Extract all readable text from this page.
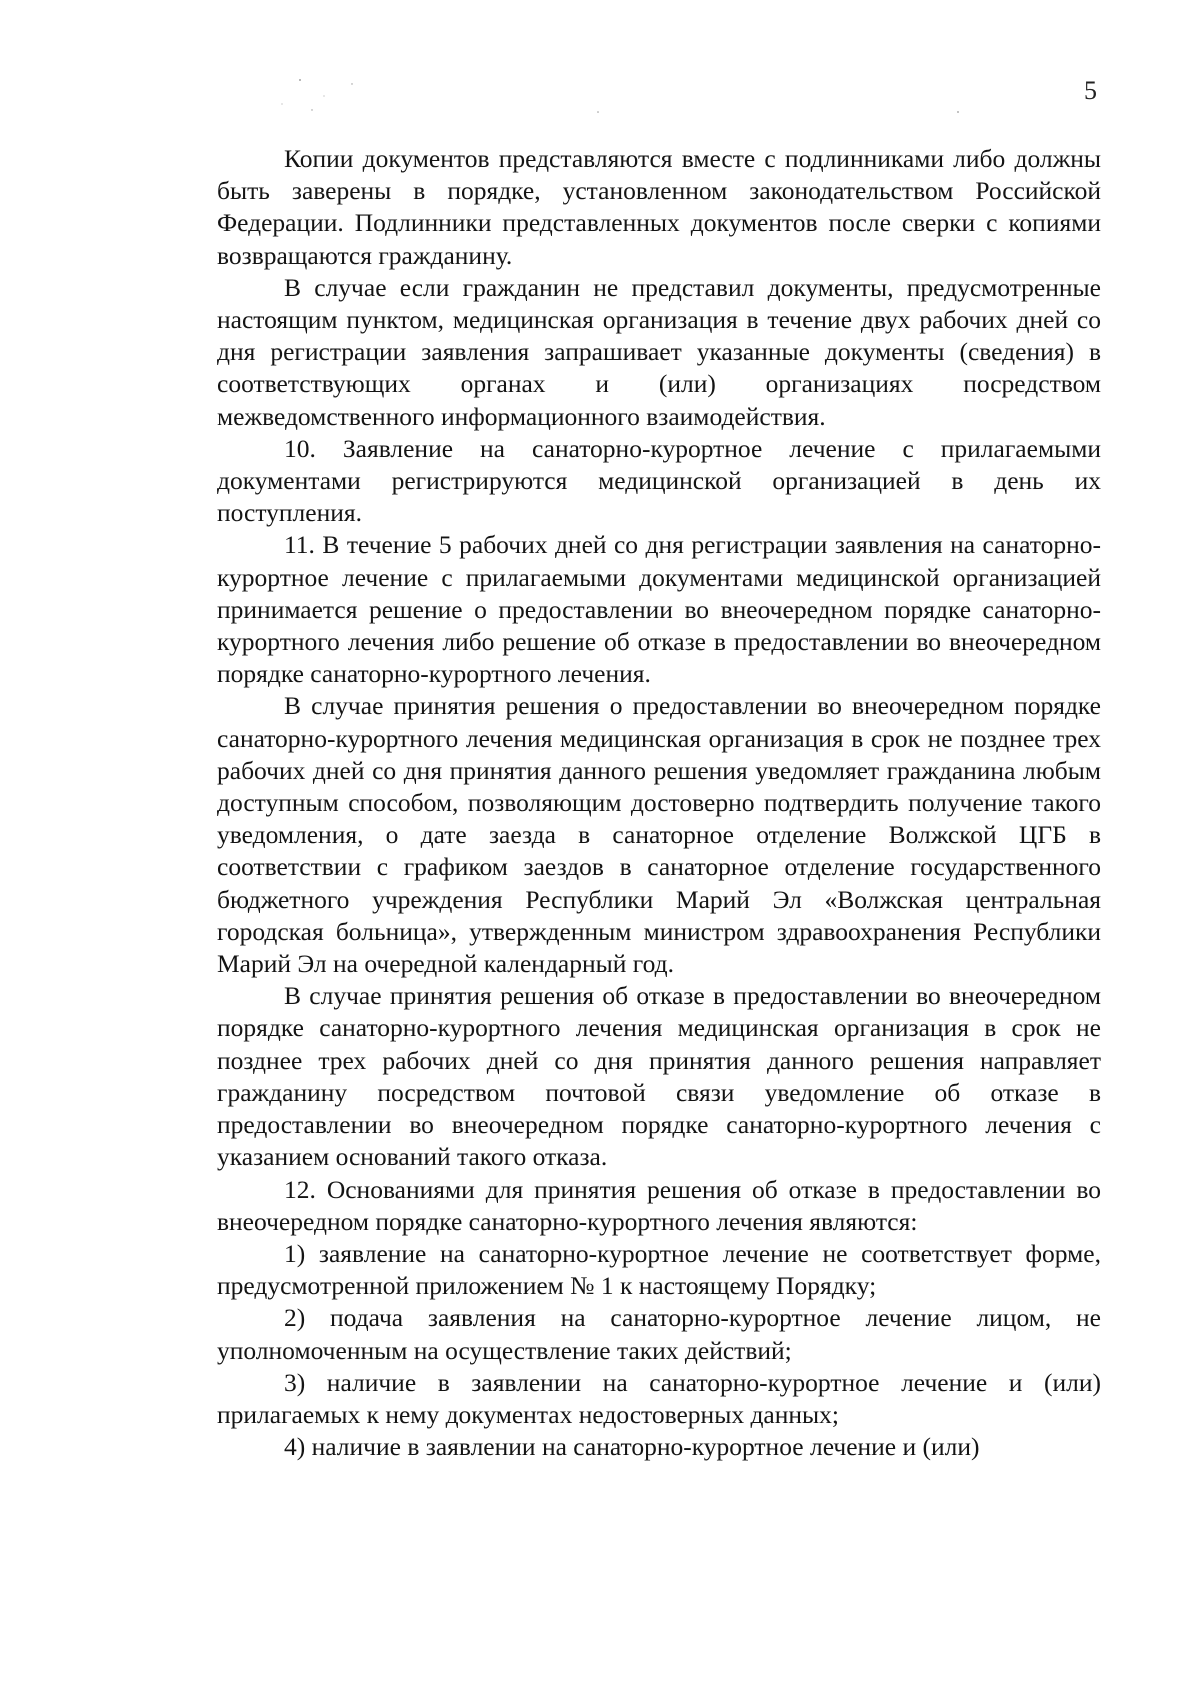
5

Копии документов представляются вместе с подлинниками либо должны быть заверены в порядке, установленном законодательством Российской Федерации. Подлинники представленных документов после сверки с копиями возвращаются гражданину.

В случае если гражданин не представил документы, предусмотренные настоящим пунктом, медицинская организация в течение двух рабочих дней со дня регистрации заявления запрашивает указанные документы (сведения) в соответствующих органах и (или) организациях посредством межведомственного информационного взаимодействия.

10. Заявление на санаторно-курортное лечение с прилагаемыми документами регистрируются медицинской организацией в день их поступления.

11. В течение 5 рабочих дней со дня регистрации заявления на санаторно-курортное лечение с прилагаемыми документами медицинской организацией принимается решение о предоставлении во внеочередном порядке санаторно-курортного лечения либо решение об отказе в предоставлении во внеочередном порядке санаторно-курортного лечения.

В случае принятия решения о предоставлении во внеочередном порядке санаторно-курортного лечения медицинская организация в срок не позднее трех рабочих дней со дня принятия данного решения уведомляет гражданина любым доступным способом, позволяющим достоверно подтвердить получение такого уведомления, о дате заезда в санаторное отделение Волжской ЦГБ в соответствии с графиком заездов в санаторное отделение государственного бюджетного учреждения Республики Марий Эл «Волжская центральная городская больница», утвержденным министром здравоохранения Республики Марий Эл на очередной календарный год.

В случае принятия решения об отказе в предоставлении во внеочередном порядке санаторно-курортного лечения медицинская организация в срок не позднее трех рабочих дней со дня принятия данного решения направляет гражданину посредством почтовой связи уведомление об отказе в предоставлении во внеочередном порядке санаторно-курортного лечения с указанием оснований такого отказа.

12. Основаниями для принятия решения об отказе в предоставлении во внеочередном порядке санаторно-курортного лечения являются:

1) заявление на санаторно-курортное лечение не соответствует форме, предусмотренной приложением № 1 к настоящему Порядку;

2) подача заявления на санаторно-курортное лечение лицом, не уполномоченным на осуществление таких действий;

3) наличие в заявлении на санаторно-курортное лечение и (или) прилагаемых к нему документах недостоверных данных;

4) наличие в заявлении на санаторно-курортное лечение и (или)
